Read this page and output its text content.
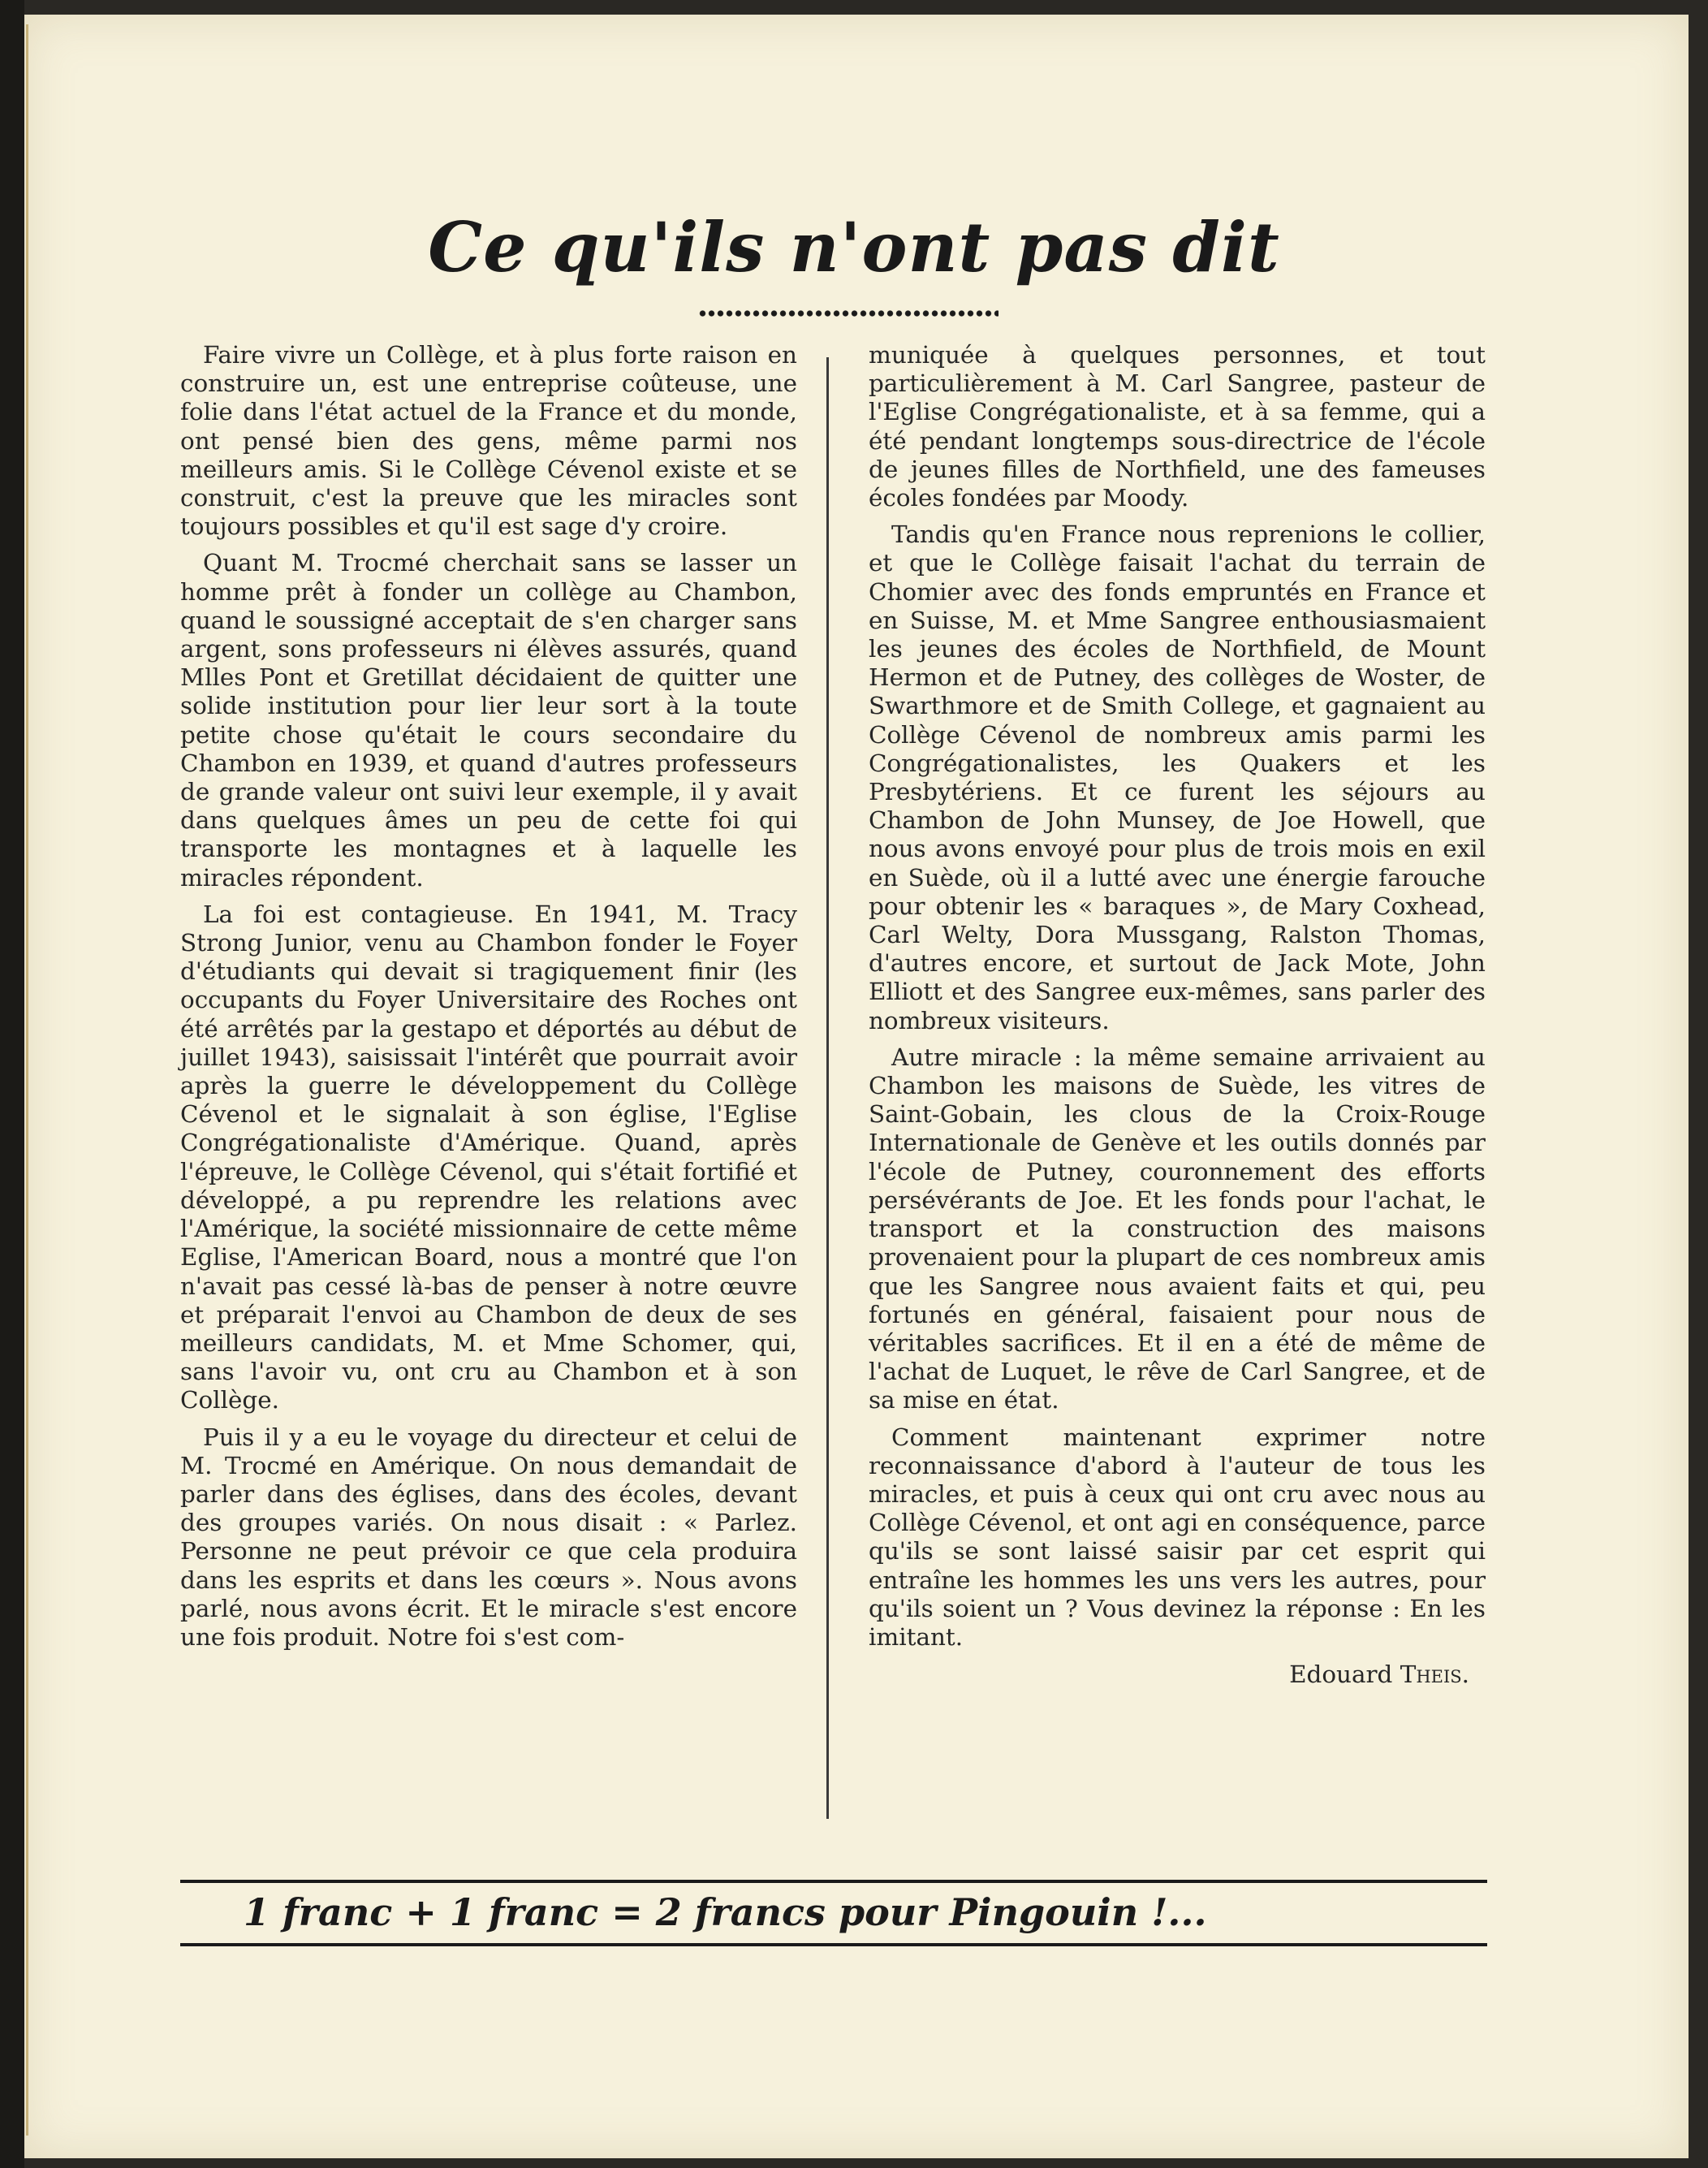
Ce qu'ils n'ont pas dit

Faire vivre un Collège, et à plus forte raison en construire un, est une entreprise coûteuse, une folie dans l'état actuel de la France et du monde, ont pensé bien des gens, même parmi nos meilleurs amis. Si le Collège Cévenol existe et se construit, c'est la preuve que les miracles sont toujours possibles et qu'il est sage d'y croire.

Quant M. Trocmé cherchait sans se lasser un homme prêt à fonder un collège au Chambon, quand le soussigné acceptait de s'en charger sans argent, sons professeurs ni élèves assurés, quand Mlles Pont et Gretillat décidaient de quitter une solide institution pour lier leur sort à la toute petite chose qu'était le cours secondaire du Chambon en 1939, et quand d'autres professeurs de grande valeur ont suivi leur exemple, il y avait dans quelques âmes un peu de cette foi qui transporte les montagnes et à laquelle les miracles répondent.

La foi est contagieuse. En 1941, M. Tracy Strong Junior, venu au Chambon fonder le Foyer d'étudiants qui devait si tragiquement finir (les occupants du Foyer Universitaire des Roches ont été arrêtés par la gestapo et déportés au début de juillet 1943), saisissait l'intérêt que pourrait avoir après la guerre le développement du Collège Cévenol et le signalait à son église, l'Eglise Congrégationaliste d'Amérique. Quand, après l'épreuve, le Collège Cévenol, qui s'était fortifié et développé, a pu reprendre les relations avec l'Amérique, la société missionnaire de cette même Eglise, l'American Board, nous a montré que l'on n'avait pas cessé là-bas de penser à notre œuvre et préparait l'envoi au Chambon de deux de ses meilleurs candidats, M. et Mme Schomer, qui, sans l'avoir vu, ont cru au Chambon et à son Collège.

Puis il y a eu le voyage du directeur et celui de M. Trocmé en Amérique. On nous demandait de parler dans des églises, dans des écoles, devant des groupes variés. On nous disait : « Parlez. Personne ne peut prévoir ce que cela produira dans les esprits et dans les cœurs ». Nous avons parlé, nous avons écrit. Et le miracle s'est encore une fois produit. Notre foi s'est com-

muniquée à quelques personnes, et tout particulièrement à M. Carl Sangree, pasteur de l'Eglise Congrégationaliste, et à sa femme, qui a été pendant longtemps sous-directrice de l'école de jeunes filles de Northfield, une des fameuses écoles fondées par Moody.

Tandis qu'en France nous reprenions le collier, et que le Collège faisait l'achat du terrain de Chomier avec des fonds empruntés en France et en Suisse, M. et Mme Sangree enthousiasmaient les jeunes des écoles de Northfield, de Mount Hermon et de Putney, des collèges de Woster, de Swarthmore et de Smith College, et gagnaient au Collège Cévenol de nombreux amis parmi les Congrégationalistes, les Quakers et les Presbytériens. Et ce furent les séjours au Chambon de John Munsey, de Joe Howell, que nous avons envoyé pour plus de trois mois en exil en Suède, où il a lutté avec une énergie farouche pour obtenir les « baraques », de Mary Coxhead, Carl Welty, Dora Mussgang, Ralston Thomas, d'autres encore, et surtout de Jack Mote, John Elliott et des Sangree eux-mêmes, sans parler des nombreux visiteurs.

Autre miracle : la même semaine arrivaient au Chambon les maisons de Suède, les vitres de Saint-Gobain, les clous de la Croix-Rouge Internationale de Genève et les outils donnés par l'école de Putney, couronnement des efforts persévérants de Joe. Et les fonds pour l'achat, le transport et la construction des maisons provenaient pour la plupart de ces nombreux amis que les Sangree nous avaient faits et qui, peu fortunés en général, faisaient pour nous de véritables sacrifices. Et il en a été de même de l'achat de Luquet, le rêve de Carl Sangree, et de sa mise en état.

Comment maintenant exprimer notre reconnaissance d'abord à l'auteur de tous les miracles, et puis à ceux qui ont cru avec nous au Collège Cévenol, et ont agi en conséquence, parce qu'ils se sont laissé saisir par cet esprit qui entraîne les hommes les uns vers les autres, pour qu'ils soient un ? Vous devinez la réponse : En les imitant.

Edouard Theis.
1 franc + 1 franc = 2 francs pour Pingouin !...
